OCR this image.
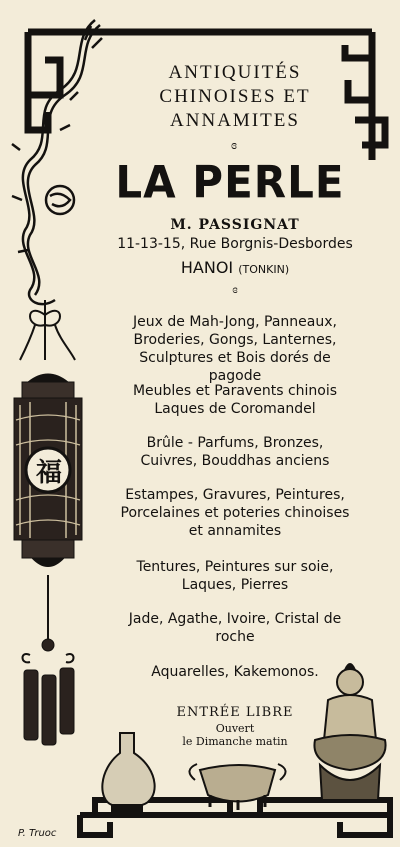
ANTIQUITÉS
CHINOISES ET
ANNAMITES
ɞ
LA PERLE
M. PASSIGNAT
11-13-15, Rue Borgnis-Desbordes
HANOI (TONKIN)
ɞ
Jeux de Mah-Jong, Panneaux, Broderies, Gongs, Lanternes, Sculptures et Bois dorés de pagode
Meubles et Paravents chinois Laques de Coromandel
Brûle - Parfums, Bronzes, Cuivres, Bouddhas anciens
Estampes, Gravures, Peintures, Porcelaines et poteries chinoises et annamites
Tentures, Peintures sur soie, Laques, Pierres
Jade, Agathe, Ivoire, Cristal de roche
Aquarelles, Kakemonos.
ENTRÉE LIBRE
Ouvert
le Dimanche matin
福
P. Truoc
